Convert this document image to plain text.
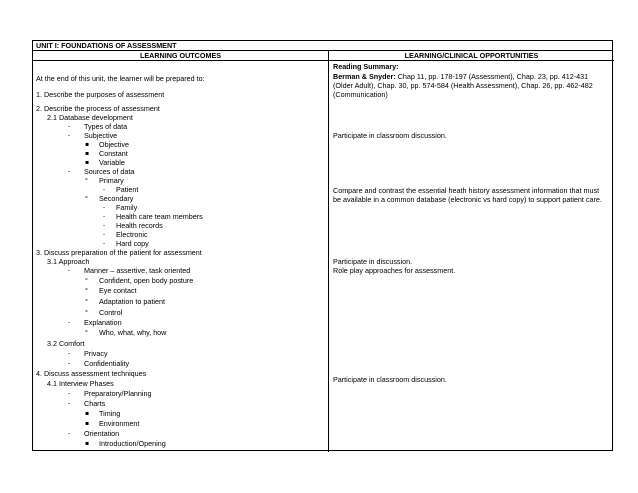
UNIT I: FOUNDATIONS OF ASSESSMENT
LEARNING OUTCOMES	LEARNING/CLINICAL OPPORTUNITIES
At the end of this unit, the learner will be prepared to:
1. Describe the purposes of assessment
2. Describe the process of assessment
2.1 Database development
- Types of data
- Subjective
▪ Objective
▪ Constant
▪ Variable
- Sources of data
° Primary
- Patient
° Secondary
- Family
- Health care team members
- Health records
- Electronic
- Hard copy
3. Discuss preparation of the patient for assessment
3.1 Approach
- Manner – assertive, task oriented
° Confident, open body posture
° Eye contact
° Adaptation to patient
° Control
- Explanation
° Who, what, why, how
3.2 Comfort
- Privacy
- Confidentiality
4. Discuss assessment techniques
4.1 Interview Phases
- Preparatory/Planning
- Charts
▪ Timing
▪ Environment
- Orientation
▪ Introduction/Opening
Reading Summary:
Berman & Snyder: Chap 11, pp. 178-197 (Assessment), Chap. 23, pp. 412-431 (Older Adult), Chap. 30, pp. 574-584 (Health Assessment), Chap. 26, pp. 462-482 (Communication)
Participate in classroom discussion.
Compare and contrast the essential heath history assessment information that must be available in a common database (electronic vs hard copy) to support patient care.
Participate in discussion.
Role play approaches for assessment.
Participate in classroom discussion.
